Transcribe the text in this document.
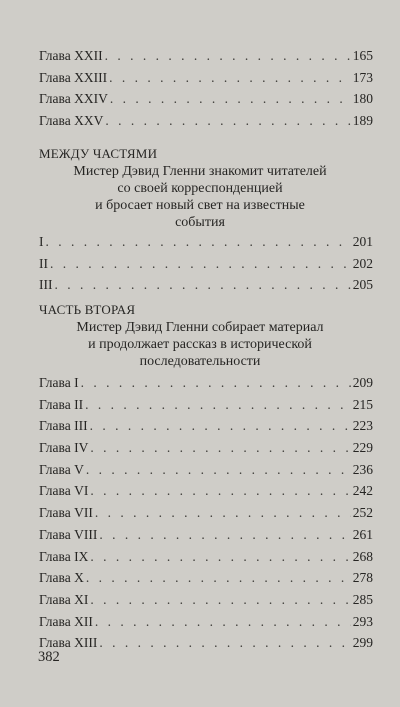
Глава XXII . . .	165
Глава XXIII . . .	173
Глава XXIV . . .	180
Глава XXV . . .	189
МЕЖДУ ЧАСТЯМИ
Мистер Дэвид Гленни знакомит читателей
со своей корреспонденцией
и бросает новый свет на известные
события
I . . .	201
II . . .	202
III . . .	205
ЧАСТЬ ВТОРАЯ
Мистер Дэвид Гленни собирает материал
и продолжает рассказ в исторической
последовательности
Глава I . . .	209
Глава II . . .	215
Глава III . . .	223
Глава IV . . .	229
Глава V . . .	236
Глава VI . . .	242
Глава VII . . .	252
Глава VIII . . .	261
Глава IX . . .	268
Глава X . . .	278
Глава XI . . .	285
Глава XII . . .	293
Глава XIII . . .	299
382
